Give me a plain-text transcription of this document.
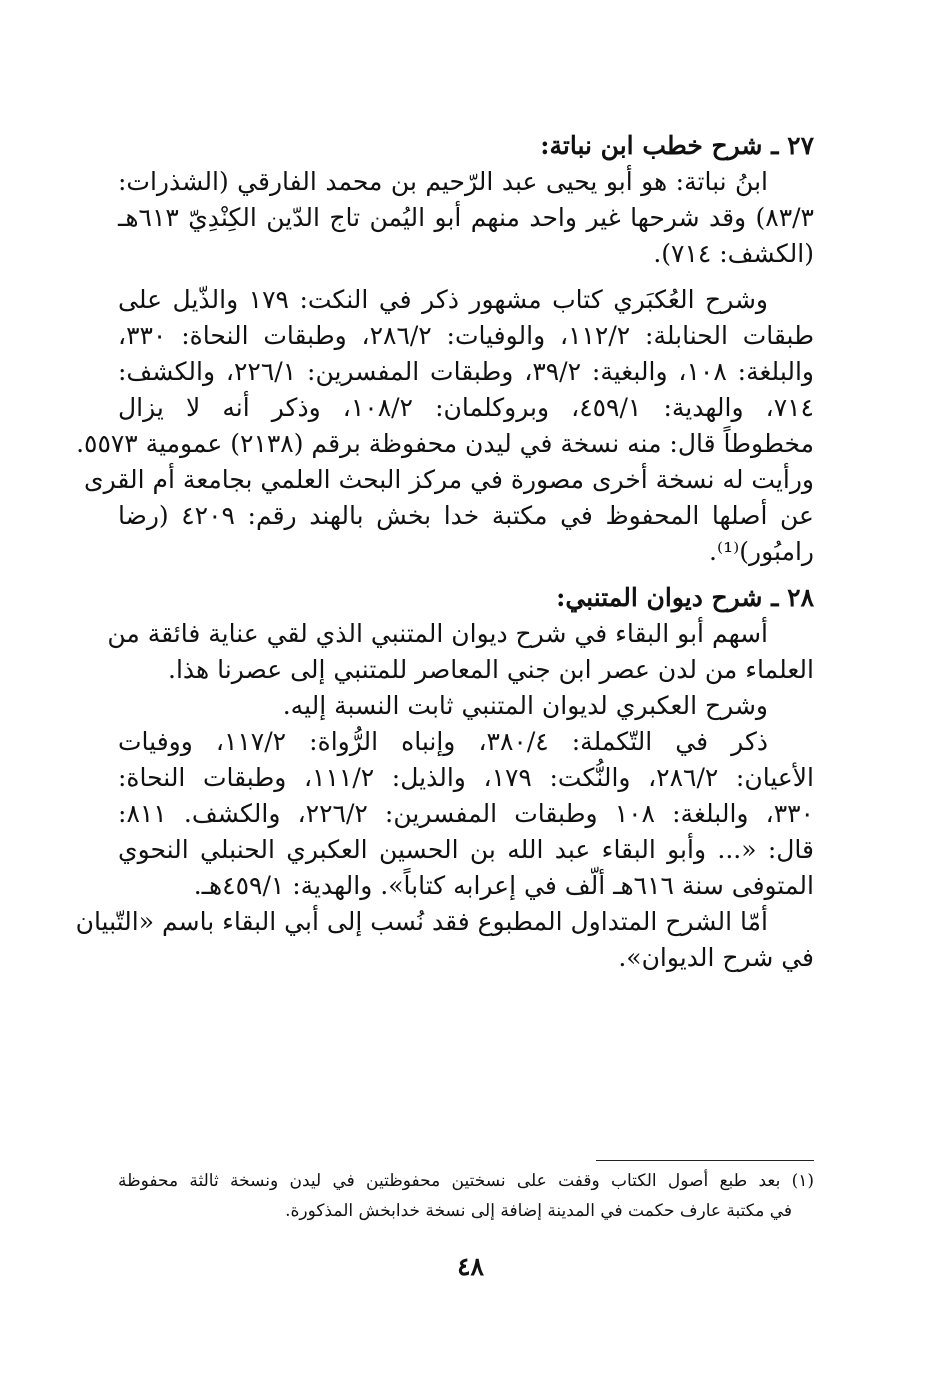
٢٧ ـ شرح خطب ابن نباتة:
ابنُ نباتة: هو أبو يحيى عبد الرّحيم بن محمد الفارقي (الشذرات:
٨٣/٣) وقد شرحها غير واحد منهم أبو اليُمن تاج الدّين الكِنْدِيّ ٦١٣هـ
(الكشف: ٧١٤).
وشرح العُكبَري كتاب مشهور ذكر في النكت: ١٧٩ والذّيل على
طبقات الحنابلة: ١١٢/٢، والوفيات: ٢٨٦/٢، وطبقات النحاة: ٣٣٠،
والبلغة: ١٠٨، والبغية: ٣٩/٢، وطبقات المفسرين: ٢٢٦/١، والكشف:
٧١٤، والهدية: ٤٥٩/١، وبروكلمان: ١٠٨/٢، وذكر أنه لا يزال
مخطوطاً قال: منه نسخة في ليدن محفوظة برقم (٢١٣٨) عمومية ٥٥٧٣.
ورأيت له نسخة أخرى مصورة في مركز البحث العلمي بجامعة أم القرى
عن أصلها المحفوظ في مكتبة خدا بخش بالهند رقم: ٤٢٠٩ (رضا
رامبُور)⁽¹⁾.
٢٨ ـ شرح ديوان المتنبي:
أسهم أبو البقاء في شرح ديوان المتنبي الذي لقي عناية فائقة من
العلماء من لدن عصر ابن جني المعاصر للمتنبي إلى عصرنا هذا.
وشرح العكبري لديوان المتنبي ثابت النسبة إليه.
ذكر في التّكملة: ٣٨٠/٤، وإنباه الرُّواة: ١١٧/٢، ووفيات
الأعيان: ٢٨٦/٢، والنُّكت: ١٧٩، والذيل: ١١١/٢، وطبقات النحاة:
٣٣٠، والبلغة: ١٠٨ وطبقات المفسرين: ٢٢٦/٢، والكشف. ٨١١:
قال: «... وأبو البقاء عبد الله بن الحسين العكبري الحنبلي النحوي
المتوفى سنة ٦١٦هـ ألّف في إعرابه كتاباً». والهدية: ٤٥٩/١هـ.
أمّا الشرح المتداول المطبوع فقد نُسب إلى أبي البقاء باسم «التّبيان
في شرح الديوان».
(١) بعد طبع أصول الكتاب وقفت على نسختين محفوظتين في ليدن ونسخة ثالثة محفوظة
في مكتبة عارف حكمت في المدينة إضافة إلى نسخة خدابخش المذكورة.
٤٨
